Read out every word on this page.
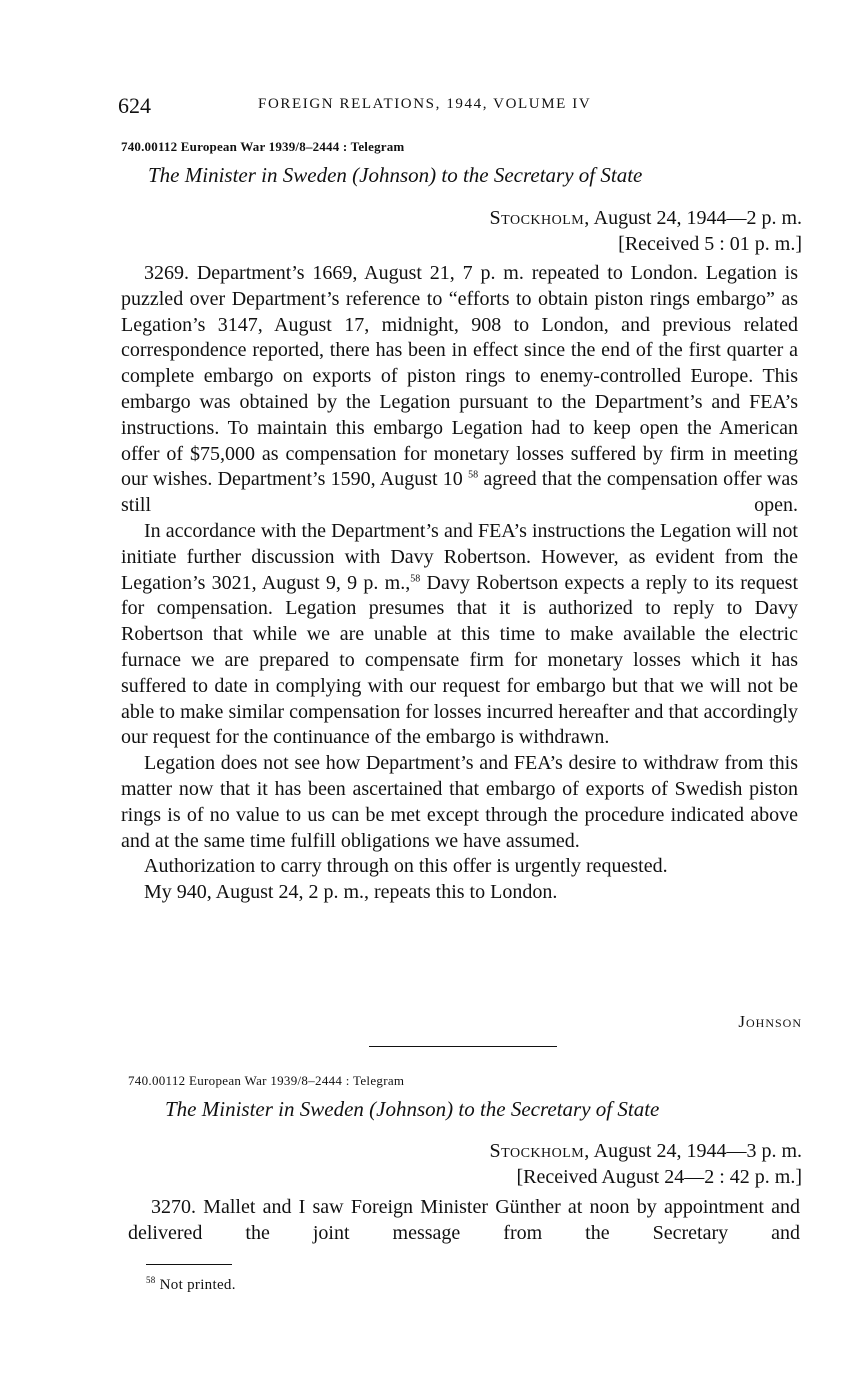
624	FOREIGN RELATIONS, 1944, VOLUME IV
740.00112 European War 1939/8–2444 : Telegram
The Minister in Sweden (Johnson) to the Secretary of State
Stockholm, August 24, 1944—2 p. m.
[Received 5 : 01 p. m.]

3269. Department’s 1669, August 21, 7 p. m. repeated to London. Legation is puzzled over Department’s reference to “efforts to obtain piston rings embargo” as Legation’s 3147, August 17, midnight, 908 to London, and previous related correspondence reported, there has been in effect since the end of the first quarter a complete embargo on exports of piston rings to enemy-controlled Europe. This embargo was obtained by the Legation pursuant to the Department’s and FEA’s instructions. To maintain this embargo Legation had to keep open the American offer of $75,000 as compensation for monetary losses suffered by firm in meeting our wishes. Department’s 1590, August 10 $^{58}$ agreed that the compensation offer was still open.

In accordance with the Department’s and FEA’s instructions the Legation will not initiate further discussion with Davy Robertson. However, as evident from the Legation’s 3021, August 9, 9 p. m.,$^{58}$ Davy Robertson expects a reply to its request for compensation. Legation presumes that it is authorized to reply to Davy Robertson that while we are unable at this time to make available the electric furnace we are prepared to compensate firm for monetary losses which it has suffered to date in complying with our request for embargo but that we will not be able to make similar compensation for losses incurred hereafter and that accordingly our request for the continuance of the embargo is withdrawn.

Legation does not see how Department’s and FEA’s desire to withdraw from this matter now that it has been ascertained that embargo of exports of Swedish piston rings is of no value to us can be met except through the procedure indicated above and at the same time fulfill obligations we have assumed.

Authorization to carry through on this offer is urgently requested.

My 940, August 24, 2 p. m., repeats this to London.

Johnson
740.00112 European War 1939/8–2444 : Telegram
The Minister in Sweden (Johnson) to the Secretary of State
Stockholm, August 24, 1944—3 p. m.
[Received August 24—2 : 42 p. m.]

3270. Mallet and I saw Foreign Minister Günther at noon by appointment and delivered the joint message from the Secretary and

$^{58}$ Not printed.
